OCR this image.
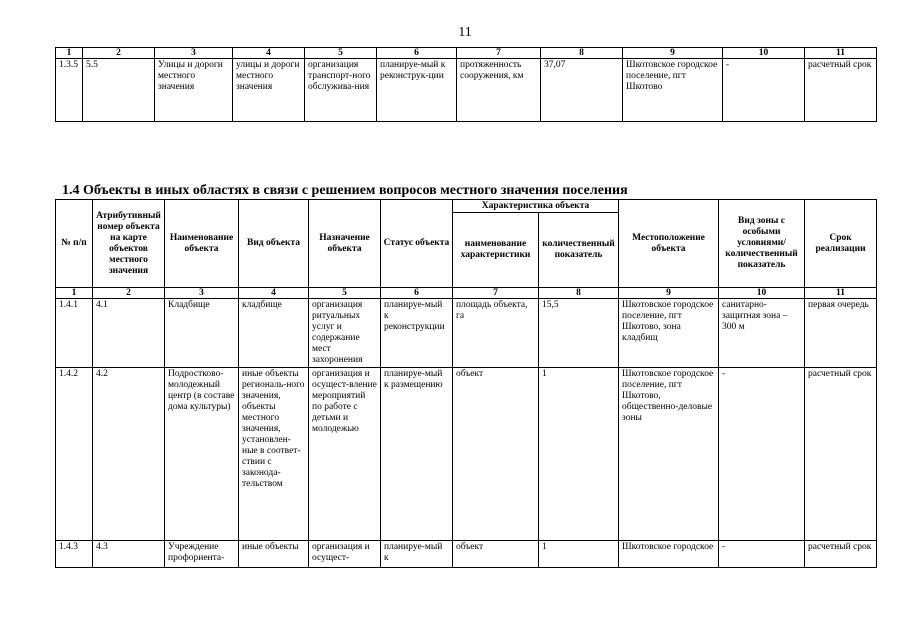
11
1	2	3	4	5	6	7	8	9	10	11
1.3.5	5.5	Улицы и дороги местного значения	улицы и дороги местного значения	организация транспорт-ного обслужива-ния	планируе-мый к реконструк-ции	протяженность сооружения, км	37,07	Шкотовское городское поселение, пгт Шкотово	-	расчетный срок
1.4 Объекты в иных областях в связи с решением вопросов местного значения поселения
№ п/п	Атрибутивный номер объекта на карте объектов местного значения	Наименование объекта	Вид объекта	Назначение объекта	Статус объекта	Характеристика объекта		Местоположение объекта	Вид зоны с особыми условиями/ количественный показатель	Срок реализации
						наименование характеристики	количественный показатель			
1	2	3	4	5	6	7	8	9	10	11
1.4.1	4.1	Кладбище	кладбище	организация ритуальных услуг и содержание мест захоронения	планируе-мый к реконструкции	площадь объекта, га	15,5	Шкотовское городское поселение, пгт Шкотово, зона кладбищ	санитарно-защитная зона – 300 м	первая очередь
1.4.2	4.2	Подростково-молодежный центр (в составе дома культуры)	иные объекты региональ-ного значения, объекты местного значения, установлен-ные в соответ-ствии с законода-тельством	организация и осущест-вление мероприятий по работе с детьми и молодежью	планируе-мый к размещению	объект	1	Шкотовское городское поселение, пгт Шкотово, общественно-деловые зоны	-	расчетный срок
1.4.3	4.3	Учреждение профориента-	иные объекты	организация и осущест-	планируе-мый к	объект	1	Шкотовское городское	-	расчетный срок
